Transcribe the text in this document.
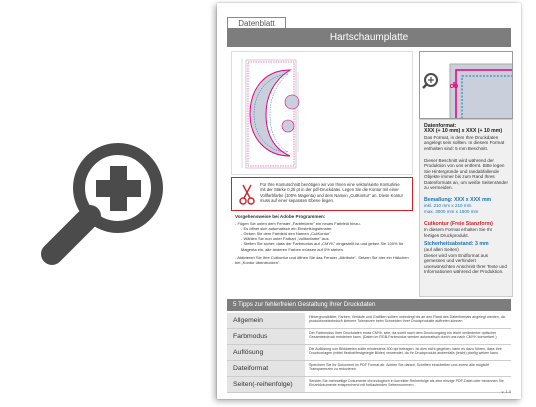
Datenblatt
Hartschaumplatte
Datenformat:
XXX (+ 10 mm) x XXX (+ 10 mm)
Das Format, in dem Ihre Druckdaten angelegt sein sollten. In diesem Format enthalten sind: 5 mm Beschnitt.
Dieser Beschnitt wird während der Produktion von uns entfernt. Bitte legen Sie Hintergründe und randabfallende Objekte immer bis zum Rand Ihres Datenformats an, um weiße Seitenränder zu vermeiden.
Bemaßung: XXX x XXX mm
inkl. 210 mm x 210 mm
max. 3000 mm x 1500 mm
Cutkontur (Freie Stanzform)
In diesem Format erhalten Sie Ihr fertiges Druckprodukt.
Sicherheitsabstand: 3 mm
(auf allen Seiten)
Dieser wird vom Endformat aus gemessen und verhindert unerwünschten Anschnitt Ihrer Texte und Informationen während der Produktion.
Für Ihre Konturschnitt benötigen wir von Ihnen eine vektorisierte Konturlinie mit der Stärke 0,25 pt in der pdf-Druckdatei. Legen Sie die Kontur mit einer Vollfarbfarbe (100% Magenta) und dem Namen „CutKontur" an. Diese Kontur muss auf einer separaten Ebene liegen.
Vorgehensweise bei Adobe Programmen:
- Fügen Sie unten dem Fenster „Farbfeldern" ein neues Farbfeld hinzu.
- Es öffnet sich automatisch ein Einstellungsfenster.
- Geben Sie dem Farbfeld den Namen „CutKontur".
- Wählen Sie nun unter Farbart „Volltonfarbe" aus.
- Stellen Sie sicher, dass der Farbmodus auf „CMYK" eingestellt ist und geben Sie 100% für Magenta ein, alle anderen Farben müssen auf 0% stehen.
- Aktivieren Sie Ihre Cutkontur und öffnen Sie das Fenster „Attribute". Setzen Sie hier ein Häkchen bei „Kontur überdrucken".
5 Tipps zur fehlerfreien Gestaltung Ihrer Druckdaten
Allgemein	Hintergrundbilder, Farben, Verläufe und Grafiken sollten unbedingt bis an den Rand des Datenformats angelegt werden, da produktionstechnisch kleinere Toleranzen beim Schneiden Ihrer Druckprodukte auftreten können.
Farbmodus	Der Farbmodus Ihrer Druckdaten muss CMYK sein, da somit nach dem Druckvorgang ein leicht veränderter optischer Gesamteindruck entstehen kann. (Daten im RGB-Farbmodus werden automatisch durch uns nach CMYK konvertiert.)
Auflösung	Die Auflösung von Bilddateien sollte mindestens 300 dpi betragen. Ist dies nicht gegeben, kann es dazu führen, dass Ihre Druckvorlagen (mittel flexibel/festgelegte Bilder) verwendet, da Ihr Druckprodukt andernfalls (leicht) pixelig wirken kann.
Dateiformat	Speichern Sie Ihr Dokument im PDF Format ab. Achten Sie darauf, Schriften einzubetten und zuerst alle möglicht Transparenzen zu reduzieren.
Seiten(-reihenfolge)	Senden Sie mehrseitige Dokumente chronologisch in korrekter Reihenfolge als eine einzige PDF-Datei oder benennen Sie Einzeldokumente entsprechend mit fortlaufenden Seitennummern.
v. 1.0
